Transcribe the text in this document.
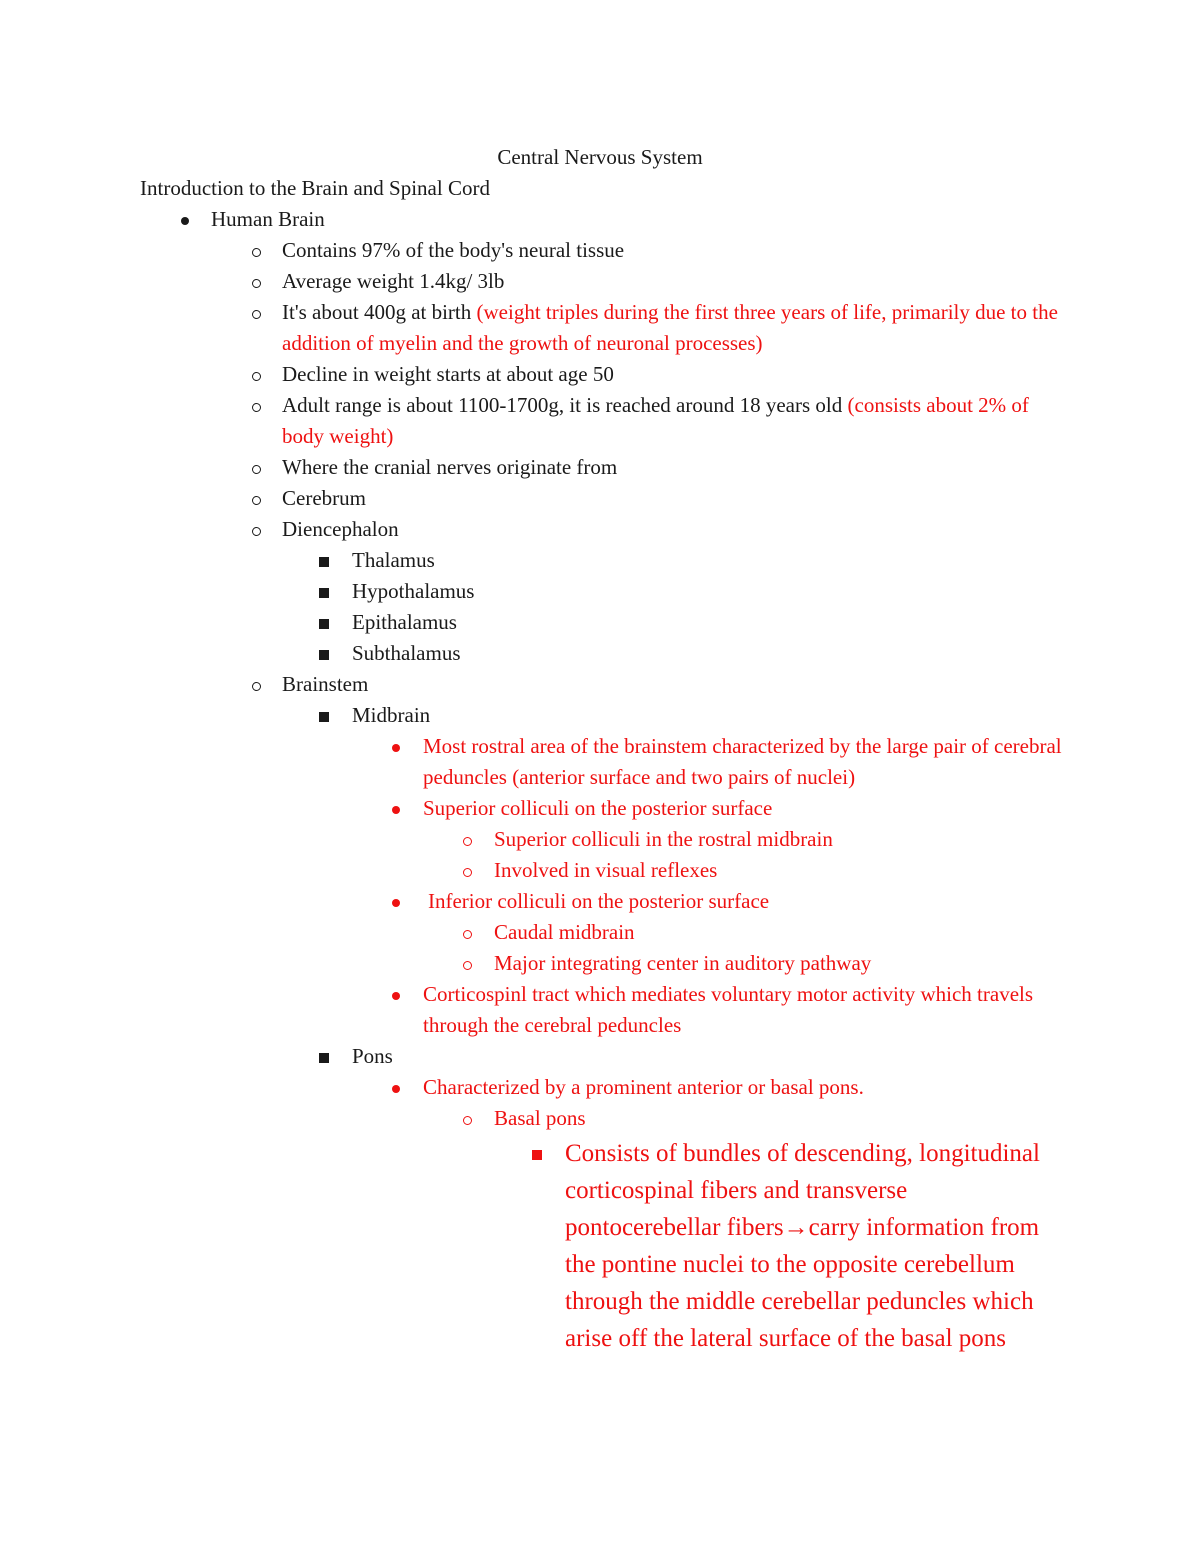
Central Nervous System
Introduction to the Brain and Spinal Cord
Human Brain
Contains 97% of the body's neural tissue
Average weight 1.4kg/ 3lb
It's about 400g at birth (weight triples during the first three years of life, primarily due to the addition of myelin and the growth of neuronal processes)
Decline in weight starts at about age 50
Adult range is about 1100-1700g, it is reached around 18 years old (consists about 2% of body weight)
Where the cranial nerves originate from
Cerebrum
Diencephalon
Thalamus
Hypothalamus
Epithalamus
Subthalamus
Brainstem
Midbrain
Most rostral area of the brainstem characterized by the large pair of cerebral peduncles (anterior surface and two pairs of nuclei)
Superior colliculi on the posterior surface
Superior colliculi in the rostral midbrain
Involved in visual reflexes
Inferior colliculi on the posterior surface
Caudal midbrain
Major integrating center in auditory pathway
Corticospinl tract which mediates voluntary motor activity which travels through the cerebral peduncles
Pons
Characterized by a prominent anterior or basal pons.
Basal pons
Consists of bundles of descending, longitudinal corticospinal fibers and transverse pontocerebellar fibers→carry information from the pontine nuclei to the opposite cerebellum through the middle cerebellar peduncles which arise off the lateral surface of the basal pons
